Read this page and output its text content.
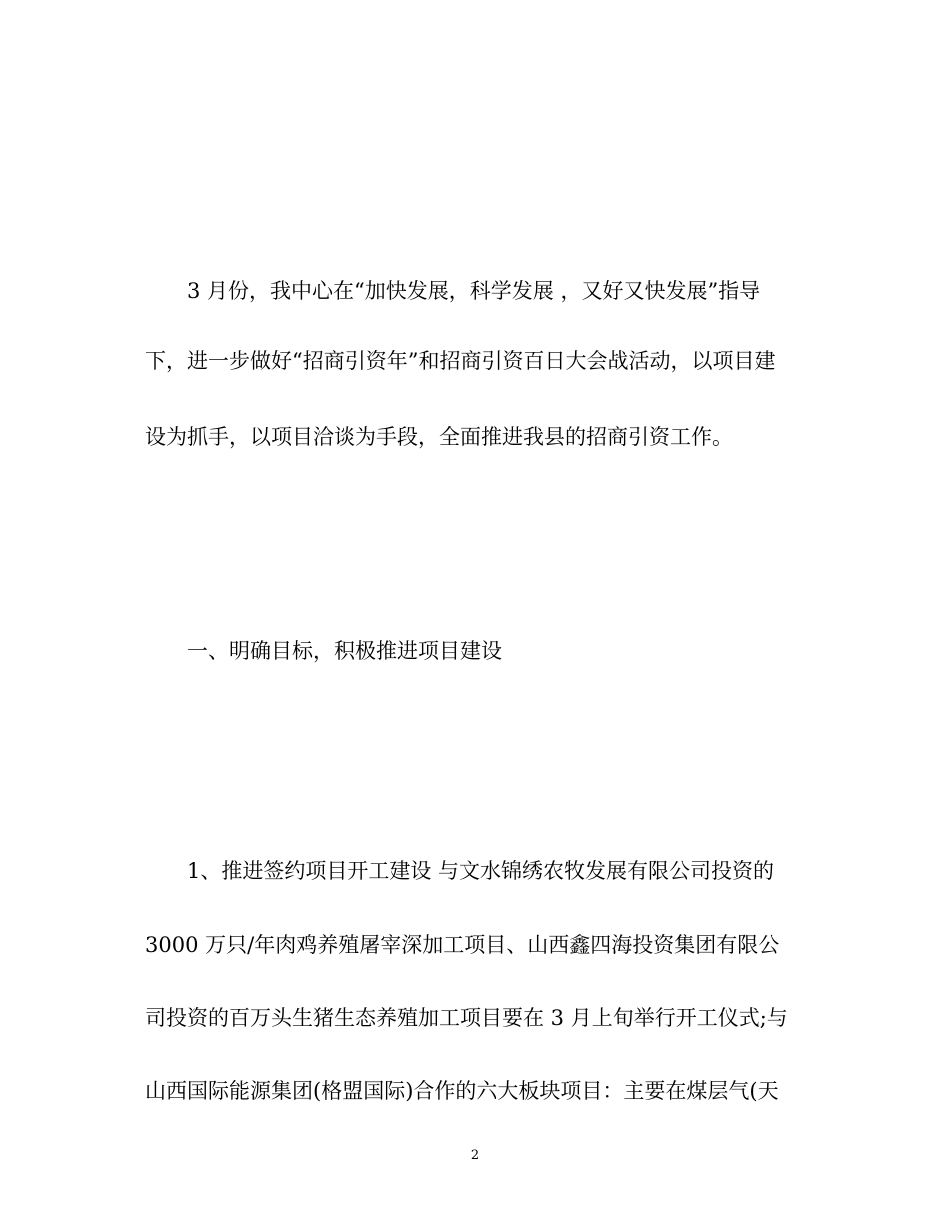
3 月份，我中心在“加快发展，科学发展 ，又好又快发展”指导

下，进一步做好“招商引资年”和招商引资百日大会战活动，以项目建

设为抓手，以项目洽谈为手段，全面推进我县的招商引资工作。

一、明确目标，积极推进项目建设

1、推进签约项目开工建设 与文水锦绣农牧发展有限公司投资的

3000 万只/年肉鸡养殖屠宰深加工项目、山西鑫四海投资集团有限公

司投资的百万头生猪生态养殖加工项目要在 3 月上旬举行开工仪式;与

山西国际能源集团(格盟国际)合作的六大板块项目：主要在煤层气(天

2
